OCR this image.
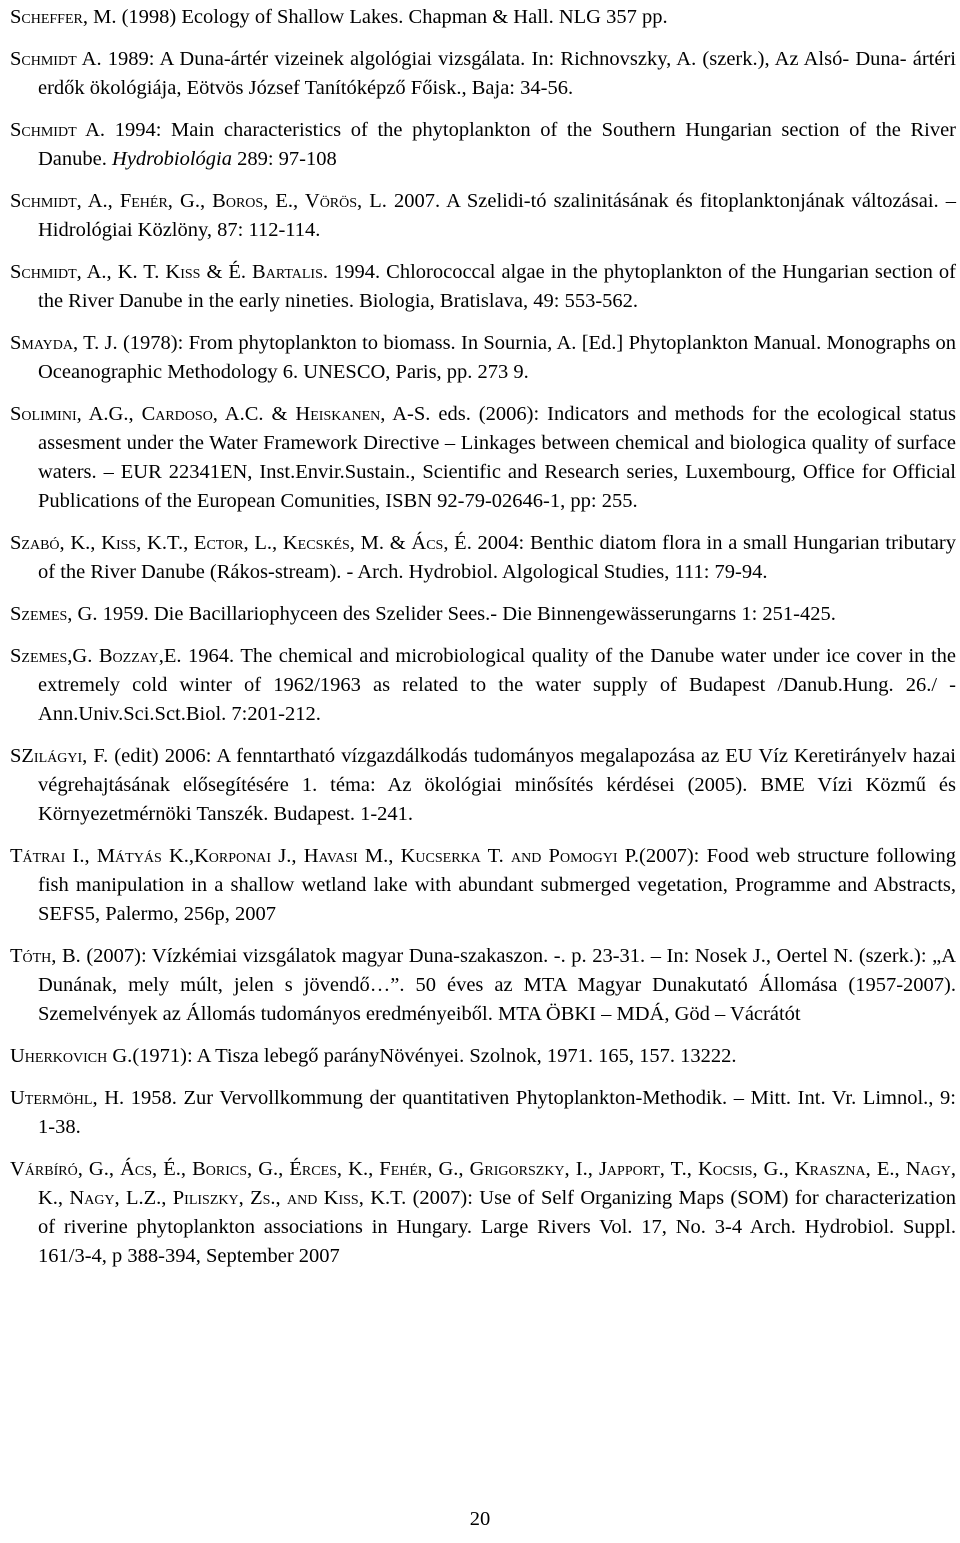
Scheffer, M. (1998) Ecology of Shallow Lakes. Chapman & Hall. NLG 357 pp.

Schmidt A. 1989: A Duna-ártér vizeinek algológiai vizsgálata. In: Richnovszky, A. (szerk.), Az Alsó- Duna- ártéri erdők ökológiája, Eötvös József Tanítóképző Főisk., Baja: 34-56.

Schmidt A. 1994: Main characteristics of the phytoplankton of the Southern Hungarian section of the River Danube. Hydrobiológia 289: 97-108

Schmidt, A., Fehér, G., Boros, E., Vörös, L. 2007. A Szelidi-tó szalinitásának és fitoplanktonjának változásai. – Hidrológiai Közlöny, 87: 112-114.

Schmidt, A., K. T. Kiss & É. Bartalis. 1994. Chlorococcal algae in the phytoplankton of the Hungarian section of the River Danube in the early nineties. Biologia, Bratislava, 49: 553-562.

Smayda, T. J. (1978): From phytoplankton to biomass. In Sournia, A. [Ed.] Phytoplankton Manual. Monographs on Oceanographic Methodology 6. UNESCO, Paris, pp. 273 9.

Solimini, A.G., Cardoso, A.C. & Heiskanen, A-S. eds. (2006): Indicators and methods for the ecological status assesment under the Water Framework Directive – Linkages between chemical and biologica quality of surface waters. – EUR 22341EN, Inst.Envir.Sustain., Scientific and Research series, Luxembourg, Office for Official Publications of the European Comunities, ISBN 92-79-02646-1, pp: 255.

Szabó, K., Kiss, K.T., Ector, L., Kecskés, M. & Ács, É. 2004: Benthic diatom flora in a small Hungarian tributary of the River Danube (Rákos-stream). - Arch. Hydrobiol. Algological Studies, 111: 79-94.

Szemes, G. 1959. Die Bacillariophyceen des Szelider Sees.- Die Binnengewässerungarns 1: 251-425.

Szemes,G. Bozzay,E. 1964. The chemical and microbiological quality of the Danube water under ice cover in the extremely cold winter of 1962/1963 as related to the water supply of Budapest /Danub.Hung. 26./ - Ann.Univ.Sci.Sct.Biol. 7:201-212.

SZilágyi, F. (edit) 2006: A fenntartható vízgazdálkodás tudományos megalapozása az EU Víz Keretirányelv hazai végrehajtásának elősegítésére 1. téma: Az ökológiai minősítés kérdései (2005). BME Vízi Közmű és Környezetmérnöki Tanszék. Budapest. 1-241.

Tátrai I., Mátyás K.,Korponai J., Havasi M., Kucserka T. and Pomogyi P.(2007): Food web structure following fish manipulation in a shallow wetland lake with abundant submerged vegetation, Programme and Abstracts, SEFS5, Palermo, 256p, 2007

Tóth, B. (2007): Vízkémiai vizsgálatok magyar Duna-szakaszon. -. p. 23-31. – In: Nosek J., Oertel N. (szerk.): „A Dunának, mely múlt, jelen s jövendő…”. 50 éves az MTA Magyar Dunakutató Állomása (1957-2007). Szemelvények az Állomás tudományos eredményeiből. MTA ÖBKI – MDÁ, Göd – Vácrátót

Uherkovich G.(1971): A Tisza lebegő parányNövényei. Szolnok, 1971. 165, 157. 13222.

Utermöhl, H. 1958. Zur Vervollkommung der quantitativen Phytoplankton-Methodik. – Mitt. Int. Vr. Limnol., 9: 1-38.

Várbíró, G., Ács, É., Borics, G., Érces, K., Fehér, G., Grigorszky, I., Japport, T., Kocsis, G., Kraszna, E., Nagy, K., Nagy, L.Z., Piliszky, Zs., and Kiss, K.T. (2007): Use of Self Organizing Maps (SOM) for characterization of riverine phytoplankton associations in Hungary. Large Rivers Vol. 17, No. 3-4 Arch. Hydrobiol. Suppl. 161/3-4, p 388-394, September 2007

20
